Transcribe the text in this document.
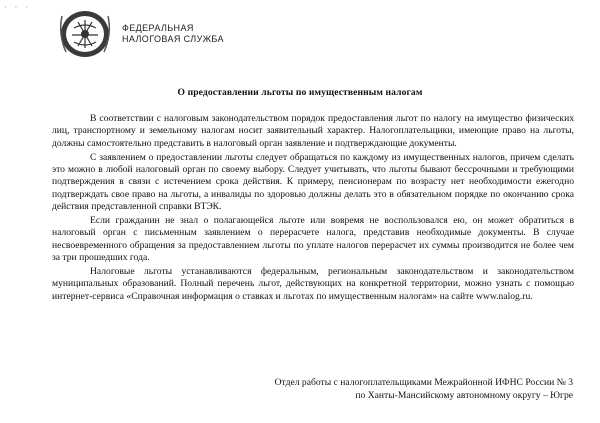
· · ·
ФЕДЕРАЛЬНАЯ
НАЛОГОВАЯ СЛУЖБА
О предоставлении льготы по имущественным налогам

В соответствии с налоговым законодательством порядок предоставления льгот по налогу на имущество физических лиц, транспортному и земельному налогам носит заявительный характер. Налогоплательщики, имеющие право на льготы, должны самостоятельно представить в налоговый орган заявление и подтверждающие документы.

С заявлением о предоставлении льготы следует обращаться по каждому из имущественных налогов, причем сделать это можно в любой налоговый орган по своему выбору. Следует учитывать, что льготы бывают бессрочными и требующими подтверждения в связи с истечением срока действия. К примеру, пенсионерам по возрасту нет необходимости ежегодно подтверждать свое право на льготы, а инвалиды по здоровью должны делать это в обязательном порядке по окончанию срока действия представленной справки ВТЭК.

Если гражданин не знал о полагающейся льготе или вовремя не воспользовался ею, он может обратиться в налоговый орган с письменным заявлением о перерасчете налога, представив необходимые документы. В случае несвоевременного обращения за предоставлением льготы по уплате налогов перерасчет их суммы производится не более чем за три прошедших года.

Налоговые льготы устанавливаются федеральным, региональным законодательством и законодательством муниципальных образований. Полный перечень льгот, действующих на конкретной территории, можно узнать с помощью интернет-сервиса «Справочная информация о ставках и льготах по имущественным налогам» на сайте www.nalog.ru.

Отдел работы с налогоплательщиками Межрайонной ИФНС России № 3
по Ханты-Мансийскому автономному округу – Югре
